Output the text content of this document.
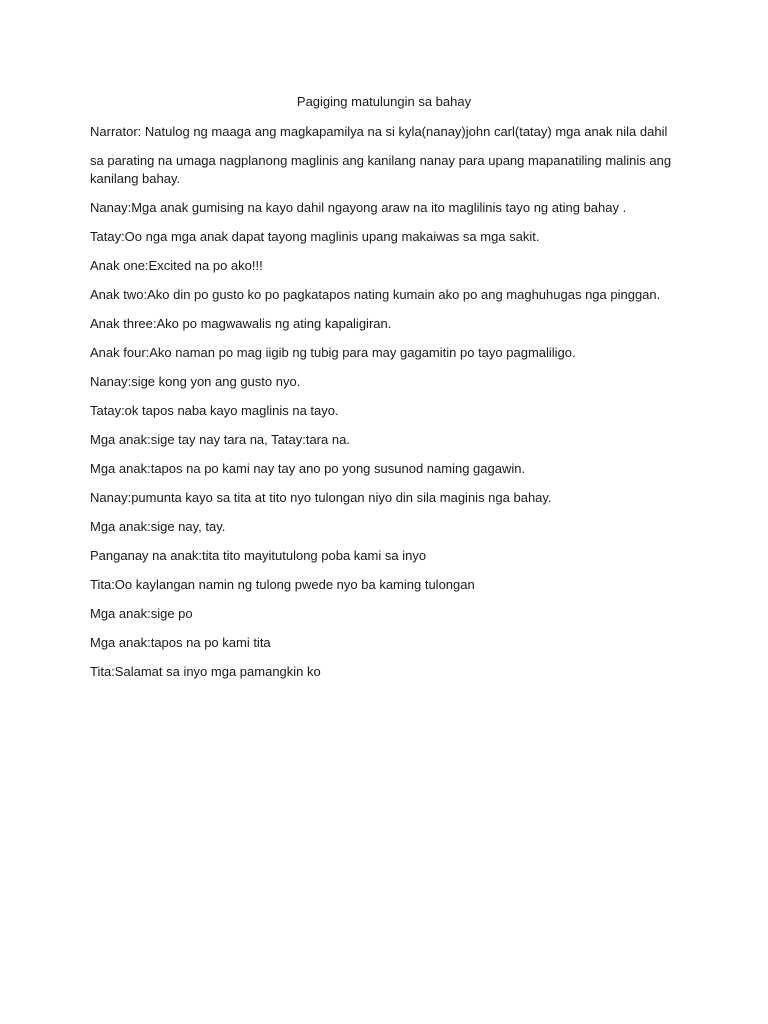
Pagiging matulungin sa bahay

Narrator: Natulog ng maaga ang magkapamilya na si kyla(nanay)john carl(tatay) mga anak nila dahil

sa parating na umaga nagplanong maglinis ang kanilang nanay para upang mapanatiling malinis ang kanilang bahay.

Nanay:Mga anak gumising na kayo dahil ngayong araw na ito maglilinis tayo ng ating bahay .

Tatay:Oo nga mga anak dapat tayong maglinis upang makaiwas sa mga sakit.

Anak one:Excited na po ako!!!

Anak two:Ako din po gusto ko po pagkatapos nating kumain ako po ang maghuhugas nga pinggan.

Anak three:Ako po magwawalis ng ating kapaligiran.

Anak four:Ako naman po mag iigib ng tubig para may gagamitin po tayo pagmaliligo.

Nanay:sige kong yon ang gusto nyo.

Tatay:ok tapos naba kayo maglinis na tayo.

Mga anak:sige tay nay tara na, Tatay:tara na.

Mga anak:tapos na po kami nay tay ano po yong susunod naming gagawin.

Nanay:pumunta kayo sa tita at tito nyo tulongan niyo din sila maginis nga bahay.

Mga anak:sige nay, tay.

Panganay na anak:tita tito mayitutulong poba kami sa inyo

Tita:Oo kaylangan namin ng tulong pwede nyo ba kaming tulongan

Mga anak:sige po

Mga anak:tapos na po kami tita

Tita:Salamat sa inyo mga pamangkin ko
